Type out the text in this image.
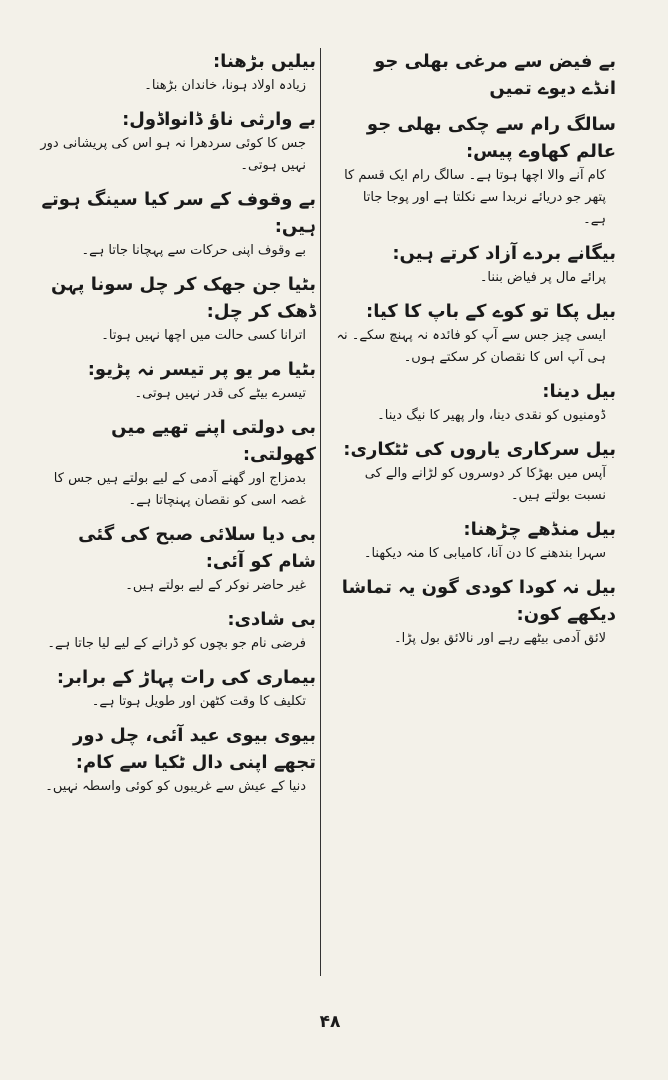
بے فیض سے مرغی بھلی جو انڈے دیوے تمیں

سالگ رام سے چکی بھلی جو عالم کھاوے پیس:

کام آنے والا اچھا ہوتا ہے۔ سالگ رام ایک قسم کا پتھر جو دریائے نربدا سے نکلتا ہے اور پوجا جاتا ہے۔

بیگانے بردے آزاد کرتے ہیں:

پرائے مال پر فیاض بننا۔

بیل پکا تو کوے کے باپ کا کیا:

ایسی چیز جس سے آپ کو فائدہ نہ پہنچ سکے۔ نہ ہی آپ اس کا نقصان کر سکتے ہوں۔

بیل دینا:

ڈومنیوں کو نقدی دینا، وار پھیر کا نیگ دینا۔

بیل سرکاری یاروں کی ٹٹکاری:

آپس میں بھڑکا کر دوسروں کو لڑانے والے کی نسبت بولتے ہیں۔

بیل منڈھے چڑھنا:

سہرا بندھنے کا دن آنا، کامیابی کا منہ دیکھنا۔

بیل نہ کودا کودی گون یہ تماشا دیکھے کون:

لائق آدمی بیٹھے رہے اور نالائق بول پڑا۔

بیلیں بڑھنا:

زیادہ اولاد ہونا، خاندان بڑھنا۔

بے وارثی ناؤ ڈانواڈول:

جس کا کوئی سردھرا نہ ہو اس کی پریشانی دور نہیں ہوتی۔

بے وقوف کے سر کیا سینگ ہوتے ہیں:

بے وقوف اپنی حرکات سے پہچانا جاتا ہے۔

بٹیا جن جھک کر چل سونا پہن ڈھک کر چل:

اترانا کسی حالت میں اچھا نہیں ہوتا۔

بٹیا مر یو پر تیسر نہ پڑیو:

تیسرے بیٹے کی قدر نہیں ہوتی۔

بی دولتی اپنے تھیے میں کھولتی:

بدمزاج اور گھنے آدمی کے لیے بولتے ہیں جس کا غصہ اسی کو نقصان پہنچاتا ہے۔

بی دیا سلائی صبح کی گئی شام کو آئی:

غیر حاضر نوکر کے لیے بولتے ہیں۔

بی شادی:

فرضی نام جو بچوں کو ڈرانے کے لیے لیا جاتا ہے۔

بیماری کی رات پہاڑ کے برابر:

تکلیف کا وقت کٹھن اور طویل ہوتا ہے۔

بیوی بیوی عید آئی، چل دور تجھے اپنی دال ٹکیا سے کام:

دنیا کے عیش سے غریبوں کو کوئی واسطہ نہیں۔

۴۸
